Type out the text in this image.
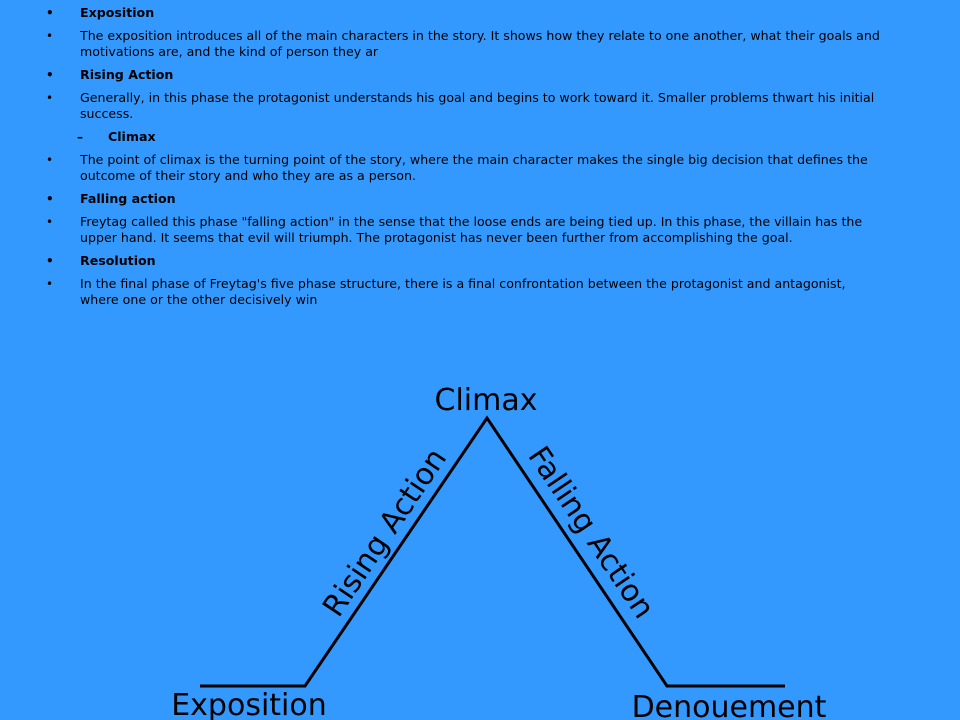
• Exposition
• The exposition introduces all of the main characters in the story. It shows how they relate to one another, what their goals and motivations are, and the kind of person they ar
• Rising Action
• Generally, in this phase the protagonist understands his goal and begins to work toward it. Smaller problems thwart his initial success.
– Climax
• The point of climax is the turning point of the story, where the main character makes the single big decision that defines the outcome of their story and who they are as a person.
• Falling action
• Freytag called this phase "falling action" in the sense that the loose ends are being tied up. In this phase, the villain has the upper hand. It seems that evil will triumph. The protagonist has never been further from accomplishing the goal.
• Resolution
• In the final phase of Freytag's five phase structure, there is a final confrontation between the protagonist and antagonist, where one or the other decisively win
Climax
Rising Action Falling Action
Exposition	Denouement
